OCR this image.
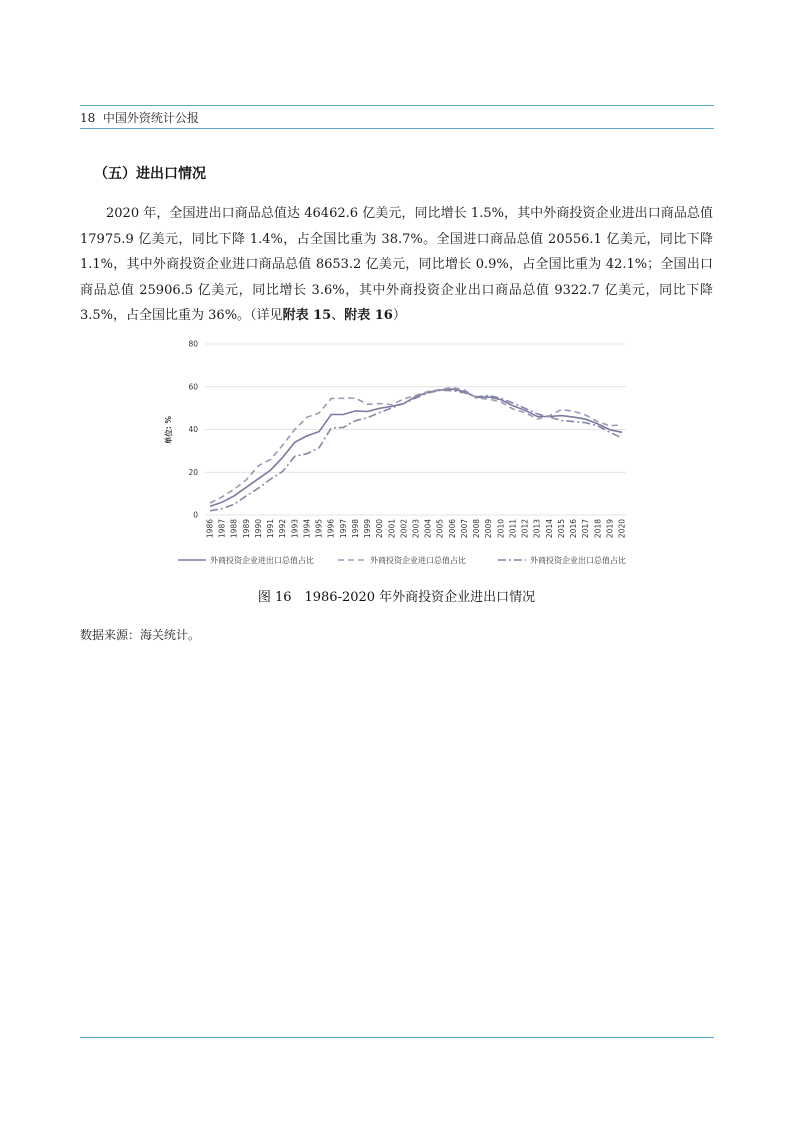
18 中国外资统计公报
（五）进出口情况
2020 年，全国进出口商品总值达 46462.6 亿美元，同比增长 1.5%，其中外商投资企业进出口商品总值 17975.9 亿美元，同比下降 1.4%，占全国比重为 38.7%。全国进口商品总值 20556.1 亿美元，同比下降 1.1%，其中外商投资企业进口商品总值 8653.2 亿美元，同比增长 0.9%，占全国比重为 42.1%；全国出口商品总值 25906.5 亿美元，同比增长 3.6%，其中外商投资企业出口商品总值 9322.7 亿美元，同比下降 3.5%，占全国比重为 36%。（详见附表 15、附表 16）
0
20
40
60
80
1986 1987 1988 1989 1990 1991 1992 1993 1994 1995 1996 1997 1998 1999 2000 2001 2002 2003 2004 2005 2006 2007 2008 2009 2010 2011 2012 2013 2014 2015 2016 2017 2018 2019 2020
单位: %
外商投资企业进出口总值占比	外商投资企业进口总值占比	外商投资企业出口总值占比
图 16　1986-2020 年外商投资企业进出口情况
数据来源：海关统计。
